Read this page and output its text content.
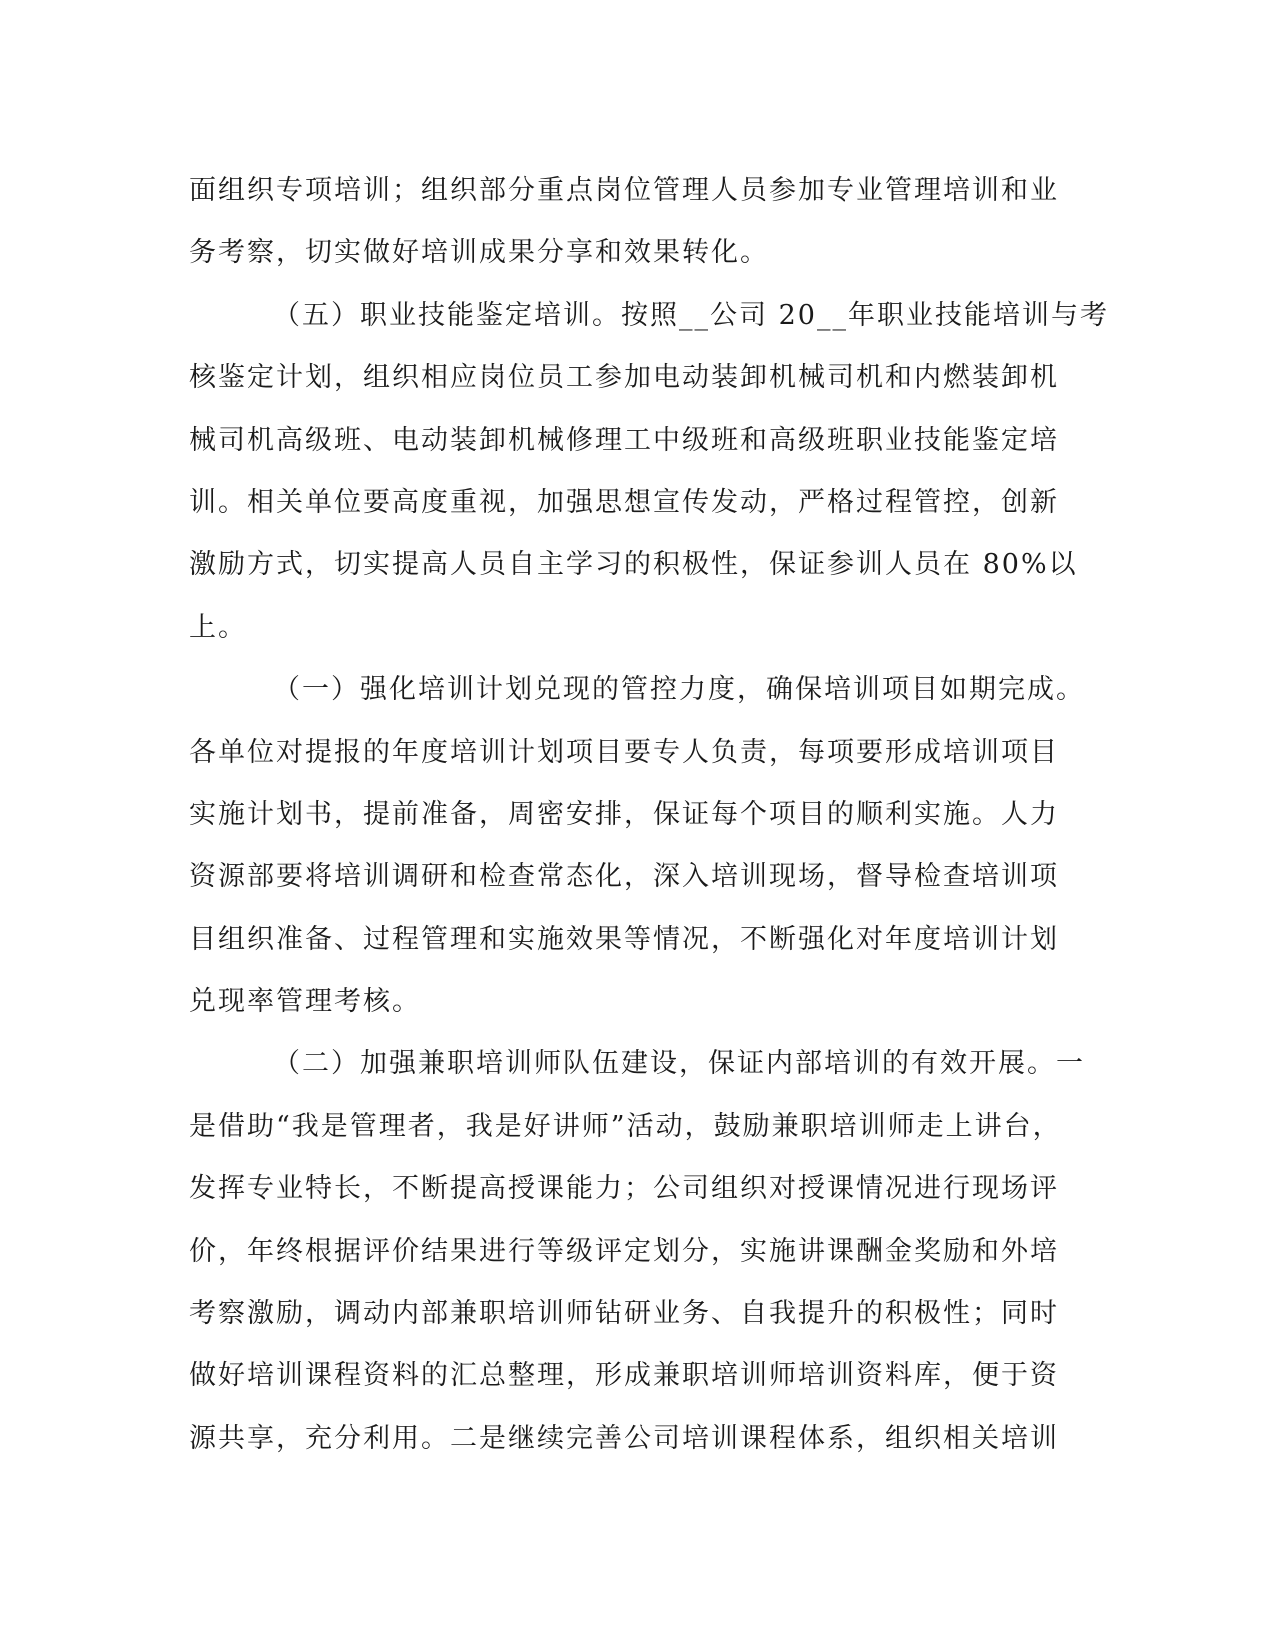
面组织专项培训；组织部分重点岗位管理人员参加专业管理培训和业
务考察，切实做好培训成果分享和效果转化。
（五）职业技能鉴定培训。按照__公司 20__年职业技能培训与考
核鉴定计划，组织相应岗位员工参加电动装卸机械司机和内燃装卸机
械司机高级班、电动装卸机械修理工中级班和高级班职业技能鉴定培
训。相关单位要高度重视，加强思想宣传发动，严格过程管控，创新
激励方式，切实提高人员自主学习的积极性，保证参训人员在 80%以
上。
（一）强化培训计划兑现的管控力度，确保培训项目如期完成。
各单位对提报的年度培训计划项目要专人负责，每项要形成培训项目
实施计划书，提前准备，周密安排，保证每个项目的顺利实施。人力
资源部要将培训调研和检查常态化，深入培训现场，督导检查培训项
目组织准备、过程管理和实施效果等情况，不断强化对年度培训计划
兑现率管理考核。
（二）加强兼职培训师队伍建设，保证内部培训的有效开展。一
是借助“我是管理者，我是好讲师”活动，鼓励兼职培训师走上讲台，
发挥专业特长，不断提高授课能力；公司组织对授课情况进行现场评
价，年终根据评价结果进行等级评定划分，实施讲课酬金奖励和外培
考察激励，调动内部兼职培训师钻研业务、自我提升的积极性；同时
做好培训课程资料的汇总整理，形成兼职培训师培训资料库，便于资
源共享，充分利用。二是继续完善公司培训课程体系，组织相关培训
